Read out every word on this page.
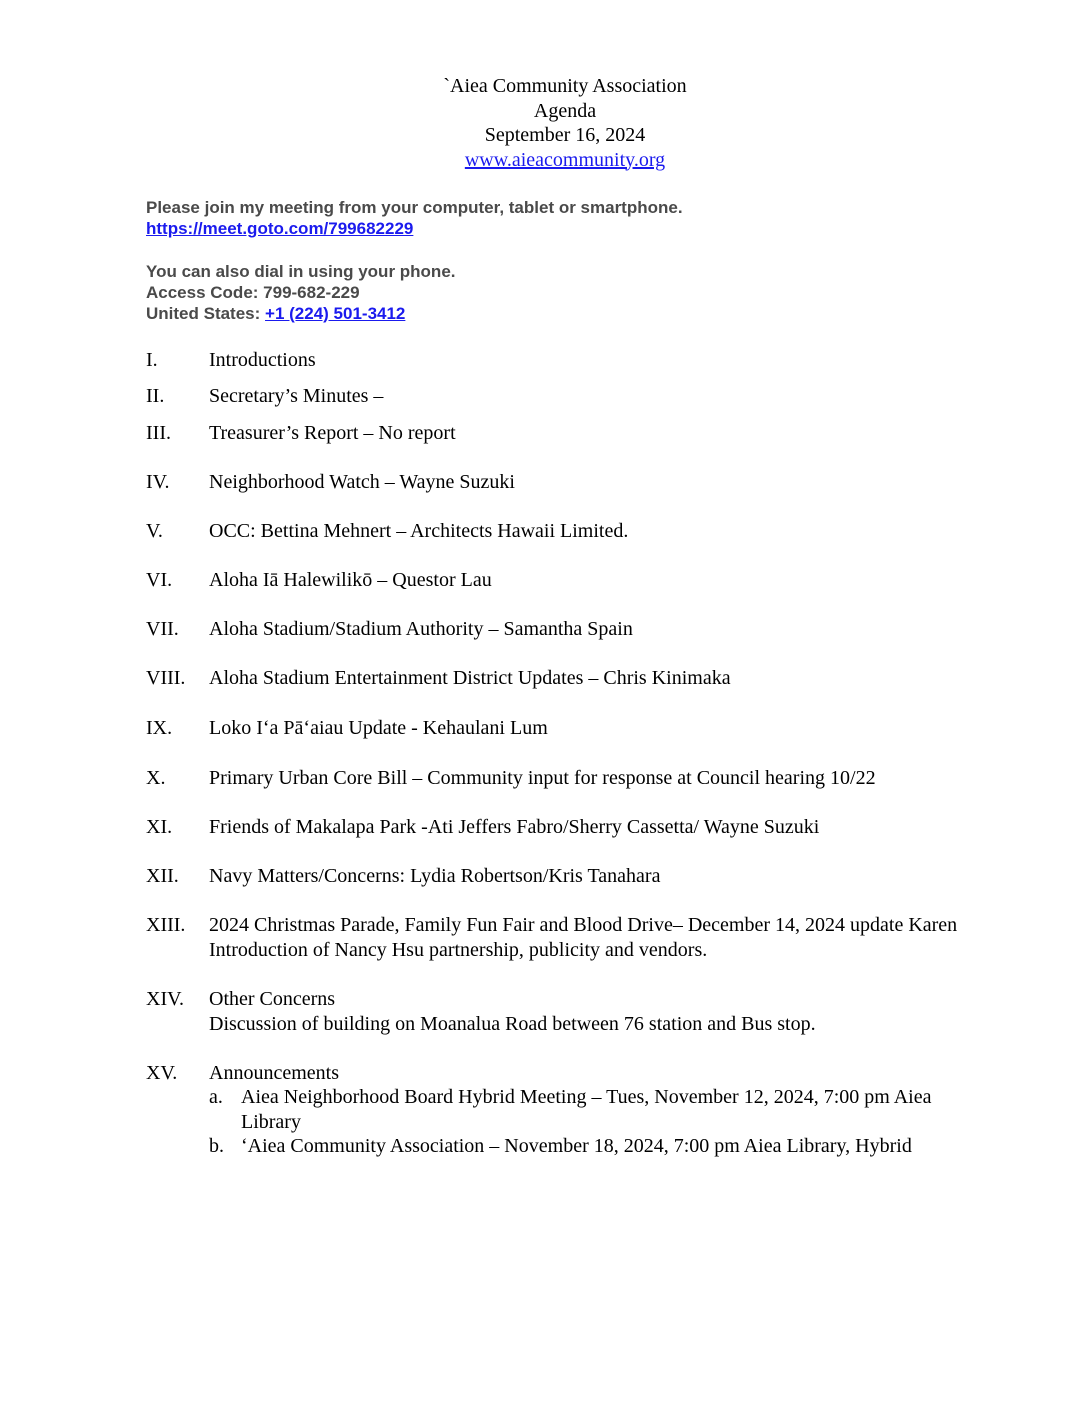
`Aiea Community Association
Agenda
September 16, 2024
www.aieacommunity.org
Please join my meeting from your computer, tablet or smartphone.
https://meet.goto.com/799682229
You can also dial in using your phone.
Access Code: 799-682-229
United States: +1 (224) 501-3412
I.	Introductions
II. Secretary’s Minutes –
III. Treasurer’s Report – No report
IV. Neighborhood Watch – Wayne Suzuki
V. OCC: Bettina Mehnert – Architects Hawaii Limited.
VI. Aloha Iā Halewilikō – Questor Lau
VII. Aloha Stadium/Stadium Authority – Samantha Spain
VIII. Aloha Stadium Entertainment District Updates – Chris Kinimaka
IX. Loko Iʻa Pāʻaiau Update - Kehaulani Lum
X. Primary Urban Core Bill – Community input for response at Council hearing 10/22
XI. Friends of Makalapa Park -Ati Jeffers Fabro/Sherry Cassetta/ Wayne Suzuki
XII. Navy Matters/Concerns: Lydia Robertson/Kris Tanahara
XIII. 2024 Christmas Parade, Family Fun Fair and Blood Drive– December 14, 2024 update Karen
Introduction of Nancy Hsu partnership, publicity and vendors.
XIV. Other Concerns
Discussion of building on Moanalua Road between 76 station and Bus stop.
XV. Announcements
a. Aiea Neighborhood Board Hybrid Meeting – Tues, November 12, 2024, 7:00 pm Aiea
Library
b. ‘Aiea Community Association – November 18, 2024, 7:00 pm Aiea Library, Hybrid
